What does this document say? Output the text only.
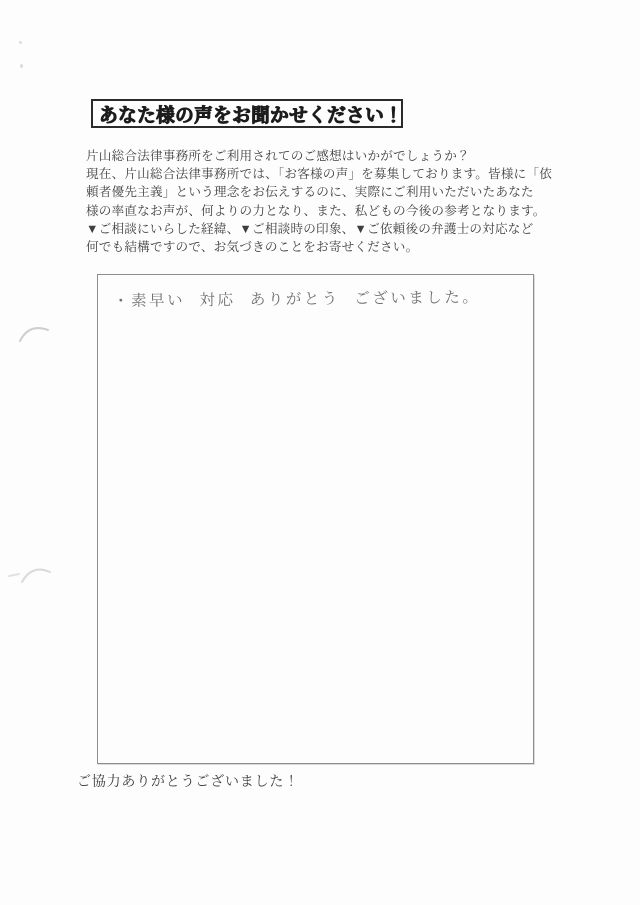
あなた様の声をお聞かせください！
片山総合法律事務所をご利用されてのご感想はいかがでしょうか？
現在、片山総合法律事務所では、「お客様の声」を募集しております。皆様に「依
頼者優先主義」という理念をお伝えするのに、実際にご利用いただいたあなた
様の率直なお声が、何よりの力となり、また、私どもの今後の参考となります。
▼ご相談にいらした経緯、▼ご相談時の印象、▼ご依頼後の弁護士の対応など
何でも結構ですので、お気づきのことをお寄せください。
・素早い 対応 ありがとう ございました。
ご協力ありがとうございました！
